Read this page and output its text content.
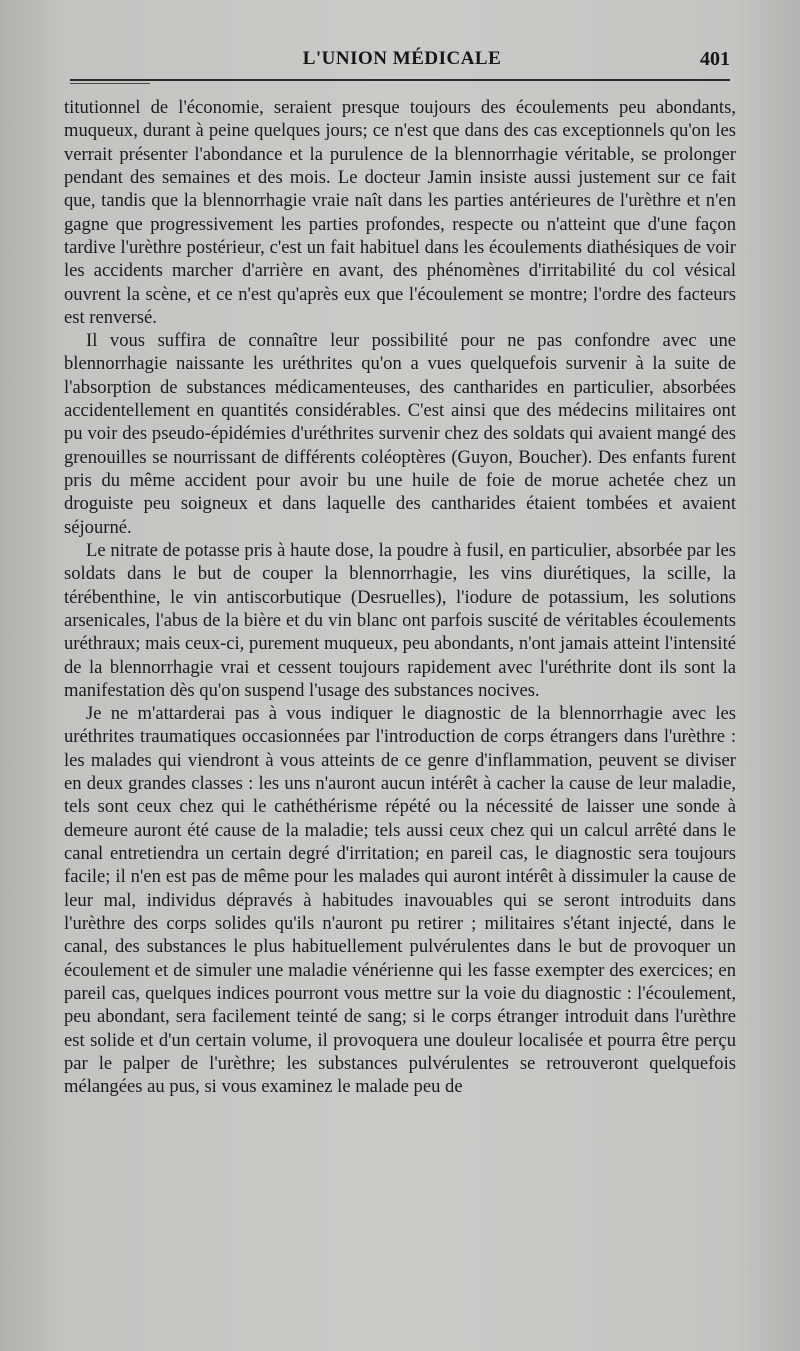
L'UNION MÉDICALE	401

titutionnel de l'économie, seraient presque toujours des écoulements peu abondants, muqueux, durant à peine quelques jours; ce n'est que dans des cas exceptionnels qu'on les verrait présenter l'abondance et la purulence de la blennorrhagie véritable, se prolonger pendant des semaines et des mois. Le docteur Jamin insiste aussi justement sur ce fait que, tandis que la blennorrhagie vraie naît dans les parties antérieures de l'urèthre et n'en gagne que progressivement les parties profondes, respecte ou n'atteint que d'une façon tardive l'urèthre postérieur, c'est un fait habituel dans les écoulements diathésiques de voir les accidents marcher d'arrière en avant, des phénomènes d'irritabilité du col vésical ouvrent la scène, et ce n'est qu'après eux que l'écoulement se montre; l'ordre des facteurs est renversé.

Il vous suffira de connaître leur possibilité pour ne pas confondre avec une blennorrhagie naissante les uréthrites qu'on a vues quelquefois survenir à la suite de l'absorption de substances médicamenteuses, des cantharides en particulier, absorbées accidentellement en quantités considérables. C'est ainsi que des médecins militaires ont pu voir des pseudo-épidémies d'uréthrites survenir chez des soldats qui avaient mangé des grenouilles se nourrissant de différents coléoptères (Guyon, Boucher). Des enfants furent pris du même accident pour avoir bu une huile de foie de morue achetée chez un droguiste peu soigneux et dans laquelle des cantharides étaient tombées et avaient séjourné.

Le nitrate de potasse pris à haute dose, la poudre à fusil, en particulier, absorbée par les soldats dans le but de couper la blennorrhagie, les vins diurétiques, la scille, la térébenthine, le vin antiscorbutique (Desruelles), l'iodure de potassium, les solutions arsenicales, l'abus de la bière et du vin blanc ont parfois suscité de véritables écoulements uréthraux; mais ceux-ci, purement muqueux, peu abondants, n'ont jamais atteint l'intensité de la blennorrhagie vrai et cessent toujours rapidement avec l'uréthrite dont ils sont la manifestation dès qu'on suspend l'usage des substances nocives.

Je ne m'attarderai pas à vous indiquer le diagnostic de la blennorrhagie avec les uréthrites traumatiques occasionnées par l'introduction de corps étrangers dans l'urèthre : les malades qui viendront à vous atteints de ce genre d'inflammation, peuvent se diviser en deux grandes classes : les uns n'auront aucun intérêt à cacher la cause de leur maladie, tels sont ceux chez qui le cathéthérisme répété ou la nécessité de laisser une sonde à demeure auront été cause de la maladie; tels aussi ceux chez qui un calcul arrêté dans le canal entretiendra un certain degré d'irritation; en pareil cas, le diagnostic sera toujours facile; il n'en est pas de même pour les malades qui auront intérêt à dissimuler la cause de leur mal, individus dépravés à habitudes inavouables qui se seront introduits dans l'urèthre des corps solides qu'ils n'auront pu retirer ; militaires s'étant injecté, dans le canal, des substances le plus habituellement pulvérulentes dans le but de provoquer un écoulement et de simuler une maladie vénérienne qui les fasse exempter des exercices; en pareil cas, quelques indices pourront vous mettre sur la voie du diagnostic : l'écoulement, peu abondant, sera facilement teinté de sang; si le corps étranger introduit dans l'urèthre est solide et d'un certain volume, il provoquera une douleur localisée et pourra être perçu par le palper de l'urèthre; les substances pulvérulentes se retrouveront quelquefois mélangées au pus, si vous examinez le malade peu de
